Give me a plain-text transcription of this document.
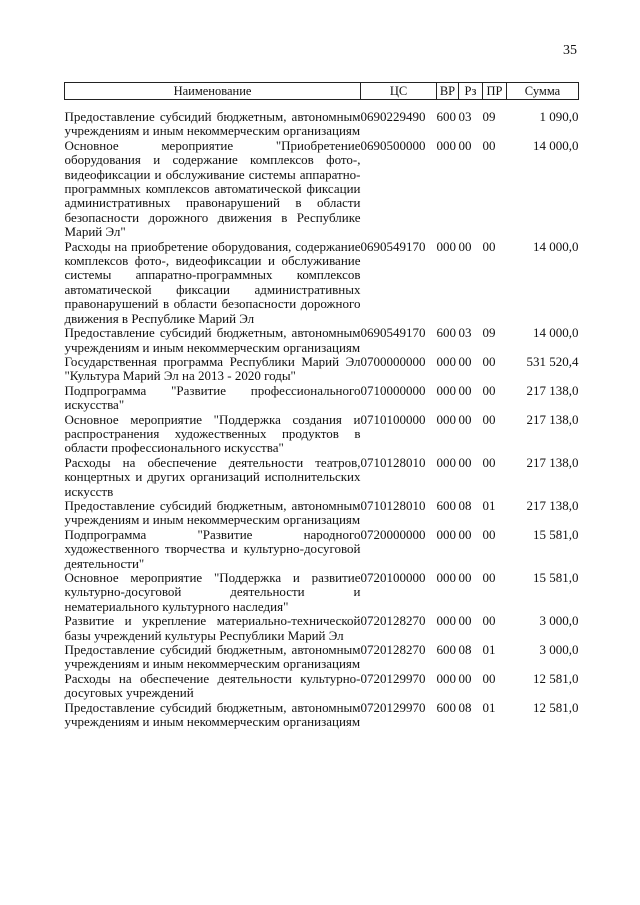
35
Наименование	ЦС	ВР	Рз	ПР	Сумма
Предоставление субсидий бюджетным, автономным учреждениям и иным некоммерческим организациям	0690229490	600	03	09	1 090,0
Основное мероприятие "Приобретение оборудования и содержание комплексов фото-, видеофиксации и обслуживание системы аппаратно-программных комплексов автоматической фиксации административных правонарушений в области безопасности дорожного движения в Республике Марий Эл"	0690500000	000	00	00	14 000,0
Расходы на приобретение оборудования, содержание комплексов фото-, видеофиксации и обслуживание системы аппаратно-программных комплексов автоматической фиксации административных правонарушений в области безопасности дорожного движения в Республике Марий Эл	0690549170	000	00	00	14 000,0
Предоставление субсидий бюджетным, автономным учреждениям и иным некоммерческим организациям	0690549170	600	03	09	14 000,0
Государственная программа Республики Марий Эл "Культура Марий Эл на 2013 - 2020 годы"	0700000000	000	00	00	531 520,4
Подпрограмма "Развитие профессионального искусства"	0710000000	000	00	00	217 138,0
Основное мероприятие "Поддержка создания и распространения художественных продуктов в области профессионального искусства"	0710100000	000	00	00	217 138,0
Расходы на обеспечение деятельности театров, концертных и других организаций исполнительских искусств	0710128010	000	00	00	217 138,0
Предоставление субсидий бюджетным, автономным учреждениям и иным некоммерческим организациям	0710128010	600	08	01	217 138,0
Подпрограмма "Развитие народного художественного творчества и культурно-досуговой деятельности"	0720000000	000	00	00	15 581,0
Основное мероприятие "Поддержка и развитие культурно-досуговой деятельности и нематериального культурного наследия"	0720100000	000	00	00	15 581,0
Развитие и укрепление материально-технической базы учреждений культуры Республики Марий Эл	0720128270	000	00	00	3 000,0
Предоставление субсидий бюджетным, автономным учреждениям и иным некоммерческим организациям	0720128270	600	08	01	3 000,0
Расходы на обеспечение деятельности культурно-досуговых учреждений	0720129970	000	00	00	12 581,0
Предоставление субсидий бюджетным, автономным учреждениям и иным некоммерческим организациям	0720129970	600	08	01	12 581,0
